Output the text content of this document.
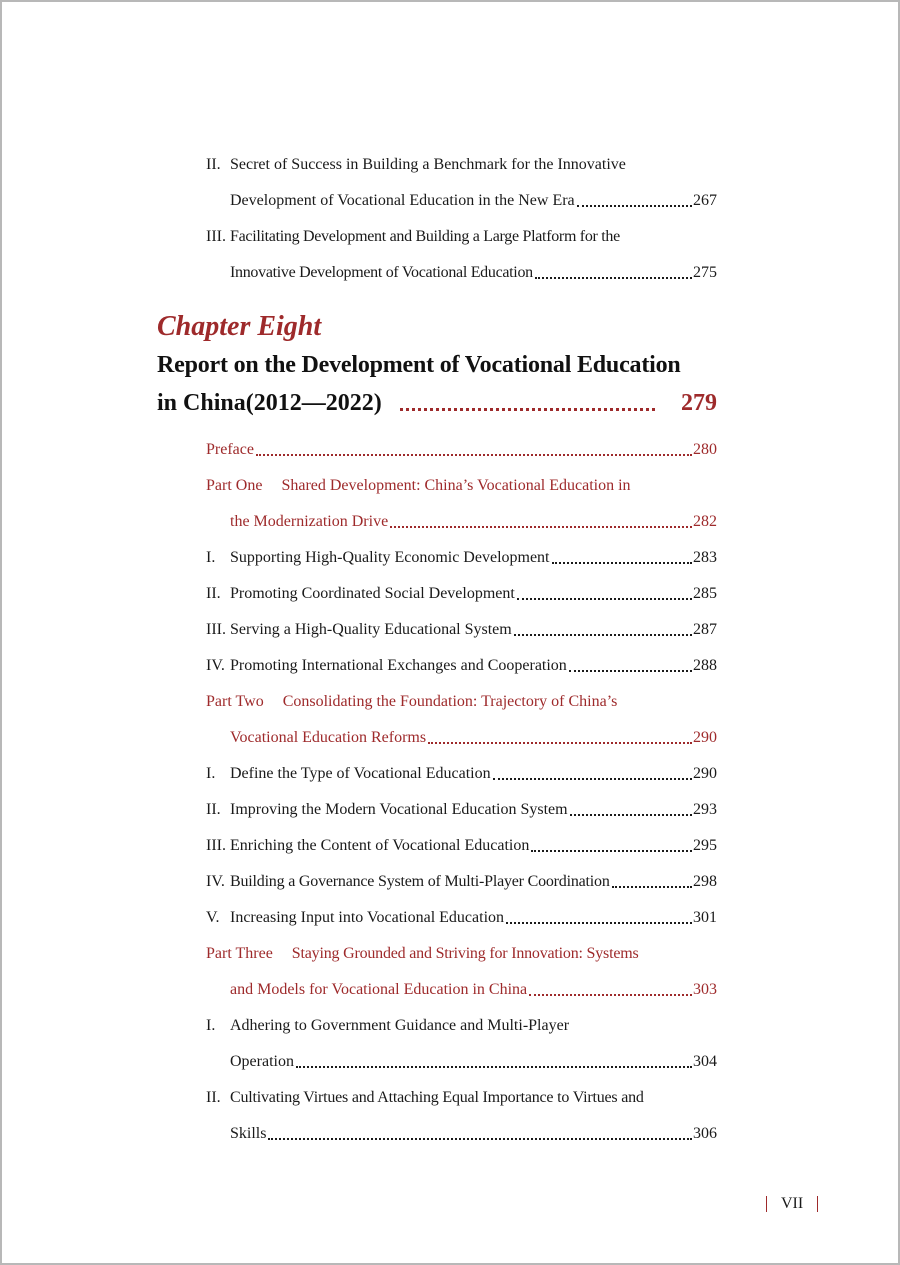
II. Secret of Success in Building a Benchmark for the Innovative
Development of Vocational Education in the New Era	267
III. Facilitating Development and Building a Large Platform for the
Innovative Development of Vocational Education	275
Chapter Eight
Report on the Development of Vocational Education
in China(2012—2022)	279
Preface	280
Part One Shared Development: China’s Vocational Education in
the Modernization Drive	282
I. Supporting High-Quality Economic Development	283
II. Promoting Coordinated Social Development	285
III. Serving a High-Quality Educational System	287
IV. Promoting International Exchanges and Cooperation	288
Part Two Consolidating the Foundation: Trajectory of China’s
Vocational Education Reforms	290
I. Define the Type of Vocational Education	290
II. Improving the Modern Vocational Education System	293
III. Enriching the Content of Vocational Education	295
IV. Building a Governance System of Multi-Player Coordination	298
V. Increasing Input into Vocational Education	301
Part Three Staying Grounded and Striving for Innovation: Systems
and Models for Vocational Education in China	303
I. Adhering to Government Guidance and Multi-Player
Operation	304
II. Cultivating Virtues and Attaching Equal Importance to Virtues and
Skills	306
VII
